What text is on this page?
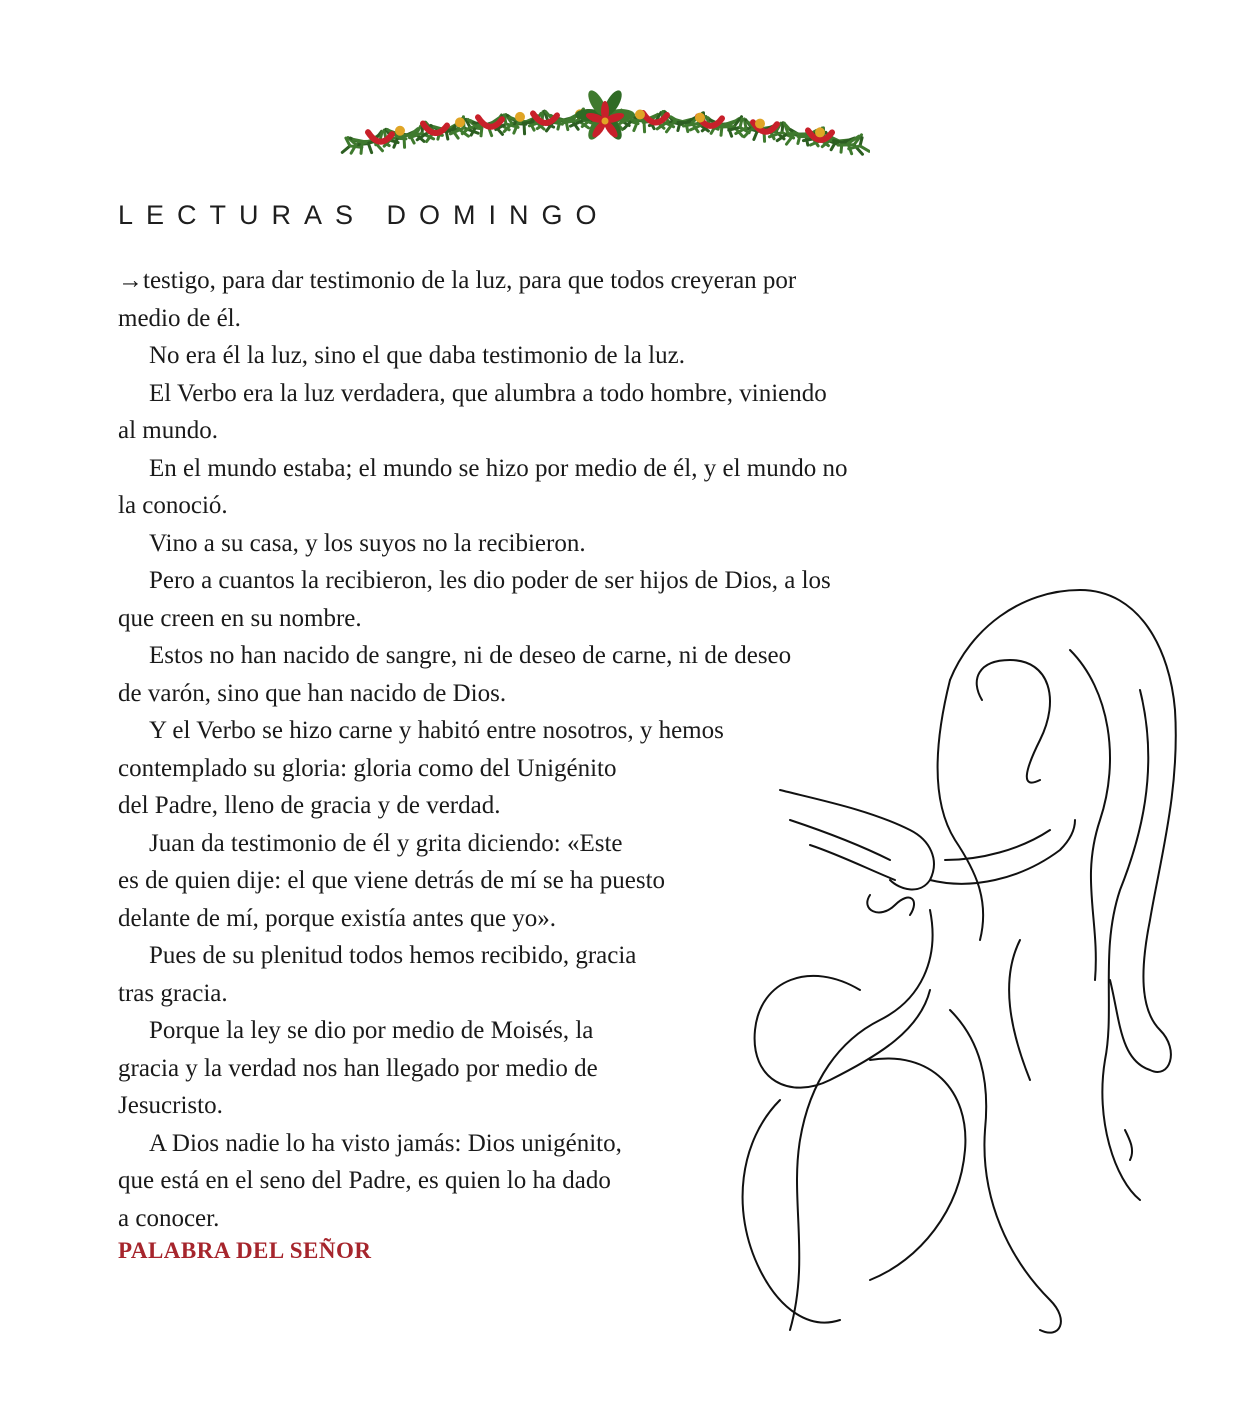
LECTURAS DOMINGO
→testigo, para dar testimonio de la luz, para que todos creyeran por
medio de él.
No era él la luz, sino el que daba testimonio de la luz.
El Verbo era la luz verdadera, que alumbra a todo hombre, viniendo
al mundo.
En el mundo estaba; el mundo se hizo por medio de él, y el mundo no
la conoció.
Vino a su casa, y los suyos no la recibieron.
Pero a cuantos la recibieron, les dio poder de ser hijos de Dios, a los
que creen en su nombre.
Estos no han nacido de sangre, ni de deseo de carne, ni de deseo
de varón, sino que han nacido de Dios.
Y el Verbo se hizo carne y habitó entre nosotros, y hemos
contemplado su gloria: gloria como del Unigénito
del Padre, lleno de gracia y de verdad.
Juan da testimonio de él y grita diciendo: «Este
es de quien dije: el que viene detrás de mí se ha puesto
delante de mí, porque existía antes que yo».
Pues de su plenitud todos hemos recibido, gracia
tras gracia.
Porque la ley se dio por medio de Moisés, la
gracia y la verdad nos han llegado por medio de
Jesucristo.
A Dios nadie lo ha visto jamás: Dios unigénito,
que está en el seno del Padre, es quien lo ha dado
a conocer.

PALABRA DEL SEÑOR
